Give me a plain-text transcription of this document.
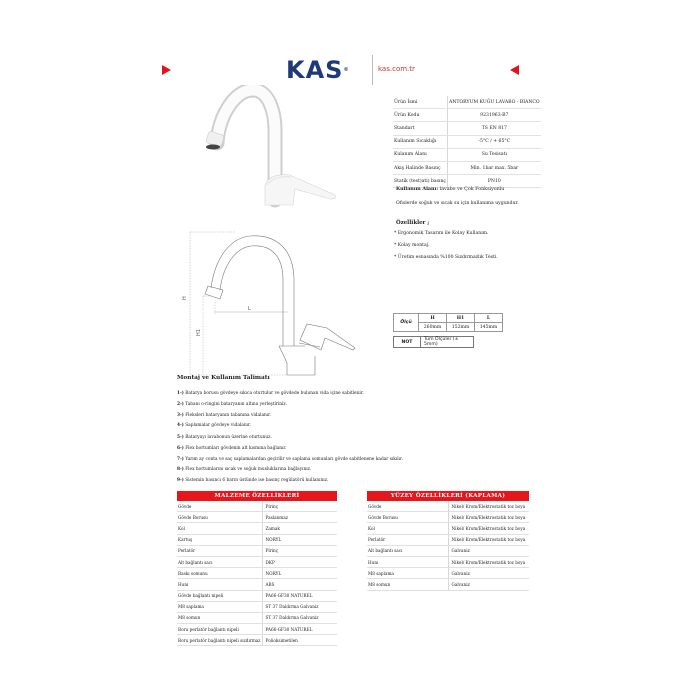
KAS®	kas.com.tr
Ürün İsmi	ANTORYUM KUĞU LAVABO - BIANCO
Ürün Kodu	9231963-B7
Standart	TS EN 817
Kullanım Sıcaklığı	-5°C / + 65°C
Kulanım Alanı	Su Tesisatı
Akış Halinde Basınç	Min. 1bar max. 5bar
Statik (test)ati) basınç	PN10
Kullanım Alanı: lavabo ve Çok Fonksiyonlu
Ofislerde soğuk ve sıcak su için kullanıma uygundur.
Özellikler ;
* Ergonomik Tasarım ile Kolay Kullanım.
* Kolay montaj.
* Üretim esnasında %100 Sızdırmazlık Testi.
H
H1
L
Ölçü	H	H1	L
	260mm	152mm	145mm
NOT	Tüm Ölçüler (± 5mm)
Montaj ve Kullanım Talimatı
1-) Bataryа borusu gövdeye sıkıca oturtulur ve gövdede bulunan vida içine sabitlenir.
2-) Tabanı o-ringini bataryanın altına yerleştiriniz.
3-) Fleksleri bataryanın tabanına vidalanır.
4-) Saplamalar gövdeye vidalanır.
5-) Bataryayı lavabonun üzerine oturtunuz.
6-) Flex hortumları gövdenin alt kısmına bağlanır.
7-) Yarım ay conta ve saç saplamalardan geçirilir ve saplama somunları gövde sabitlenene kadar sıkılır.
8-) Flex hortumlarını sıcak ve soğuk musluklarına bağlayınız.
9-) Sistemin basıncı 6 barın üstünde ise basınç regülatörü kullanınız.
MALZEME ÖZELLİKLERİ
Gövde	Pirinç
Gövde Borusu	Paslanmaz
Kol	Zamak
Kartuş	NORYL
Perlatör	Pirinç
Alt bağlantı sacı	DKP
Baskı somunu	NORYL
Huni	ABS
Gövde bağlantı nipeli	PA66-GF30 NATUREL
M8 saplama	ST 37 Daldırma Galvaniz
M8 somun	ST 37 Daldırma Galvaniz
Boru perlatör bağlantı nipeli	PA66-GF30 NATUREL
Boru perlatör bağlantı nipeli sızdırmaz	Polioksimetilen
YÜZEY ÖZELLİKLERİ (KAPLAMA)
Gövde	Nikel/ Krom/Elektrostatik toz boya
Gövde Borusu	Nikel/ Krom/Elektrostatik toz boya
Kol	Nikel/ Krom/Elektrostatik toz boya
Perlatör	Nikel/ Krom/Elektrostatik toz boya
Alt bağlantı sacı	Galvaniz
Hunı	Nikel/ Krom/Elektrostatik toz boya
M8 saplama	Galvaniz
M8 somun	Galvaniz
